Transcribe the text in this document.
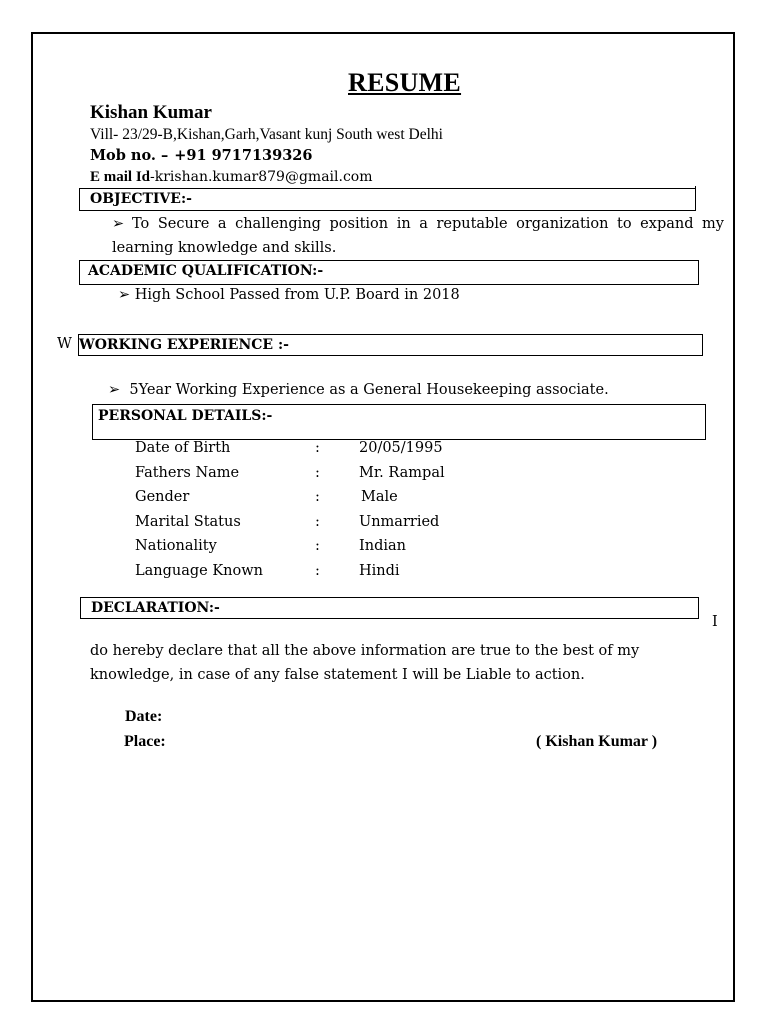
RESUME
Kishan Kumar
Vill- 23/29-B,Kishan,Garh,Vasant kunj South west Delhi
Mob no. – +91 9717139326
E mail Id-krishan.kumar879@gmail.com
OBJECTIVE:-
➢ To Secure a challenging position in a reputable organization to expand my learning knowledge and skills.
ACADEMIC QUALIFICATION:-
➢ High School Passed from U.P. Board in 2018
W WORKING EXPERIENCE :-
➢ 5Year Working Experience as a General Housekeeping associate.
PERSONAL DETAILS:-
Date of Birth	:	20/05/1995
Fathers Name	:	Mr. Rampal
Gender	:	Male
Marital Status	:	Unmarried
Nationality	:	Indian
Language Known	:	Hindi
DECLARATION:-
I
do hereby declare that all the above information are true to the best of my knowledge, in case of any false statement I will be Liable to action.
Date:
Place:	( Kishan Kumar )
